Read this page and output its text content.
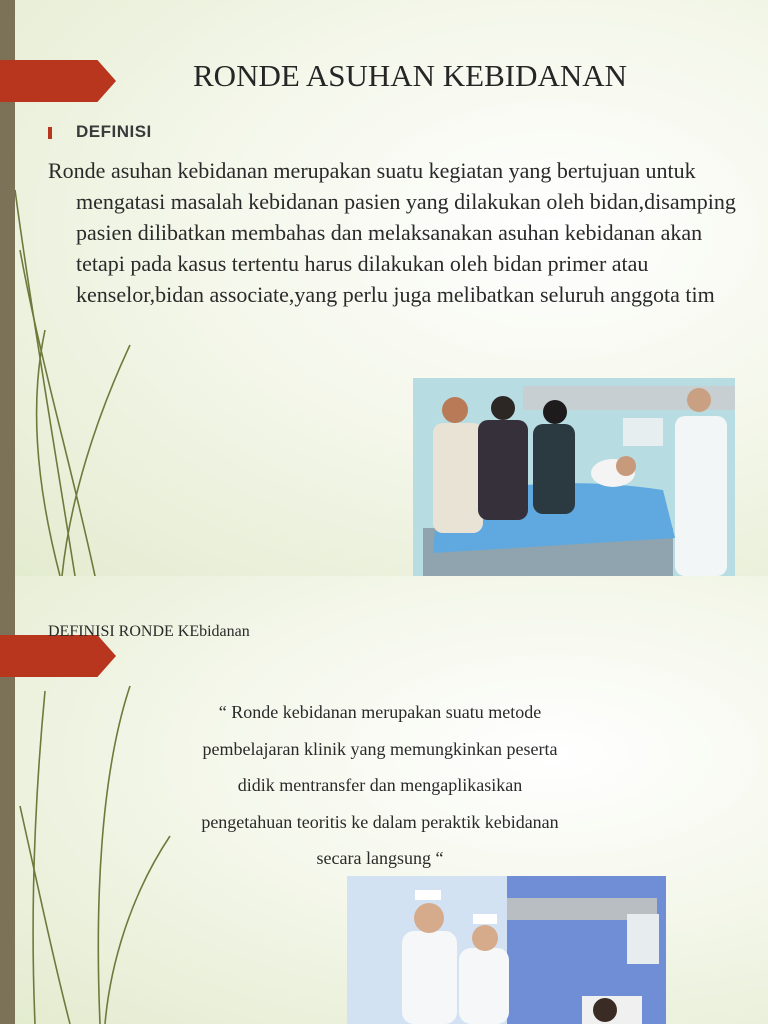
RONDE ASUHAN KEBIDANAN
DEFINISI
Ronde asuhan kebidanan merupakan suatu kegiatan yang bertujuan untuk mengatasi masalah kebidanan pasien yang dilakukan oleh bidan,disamping pasien dilibatkan membahas dan melaksanakan asuhan kebidanan akan tetapi pada kasus tertentu harus dilakukan oleh bidan primer atau kenselor,bidan associate,yang perlu juga melibatkan seluruh anggota tim
DEFINISI RONDE KEbidanan
“ Ronde kebidanan merupakan suatu metode
pembelajaran klinik yang memungkinkan peserta
didik mentransfer dan mengaplikasikan
pengetahuan teoritis ke dalam peraktik kebidanan
secara langsung “
